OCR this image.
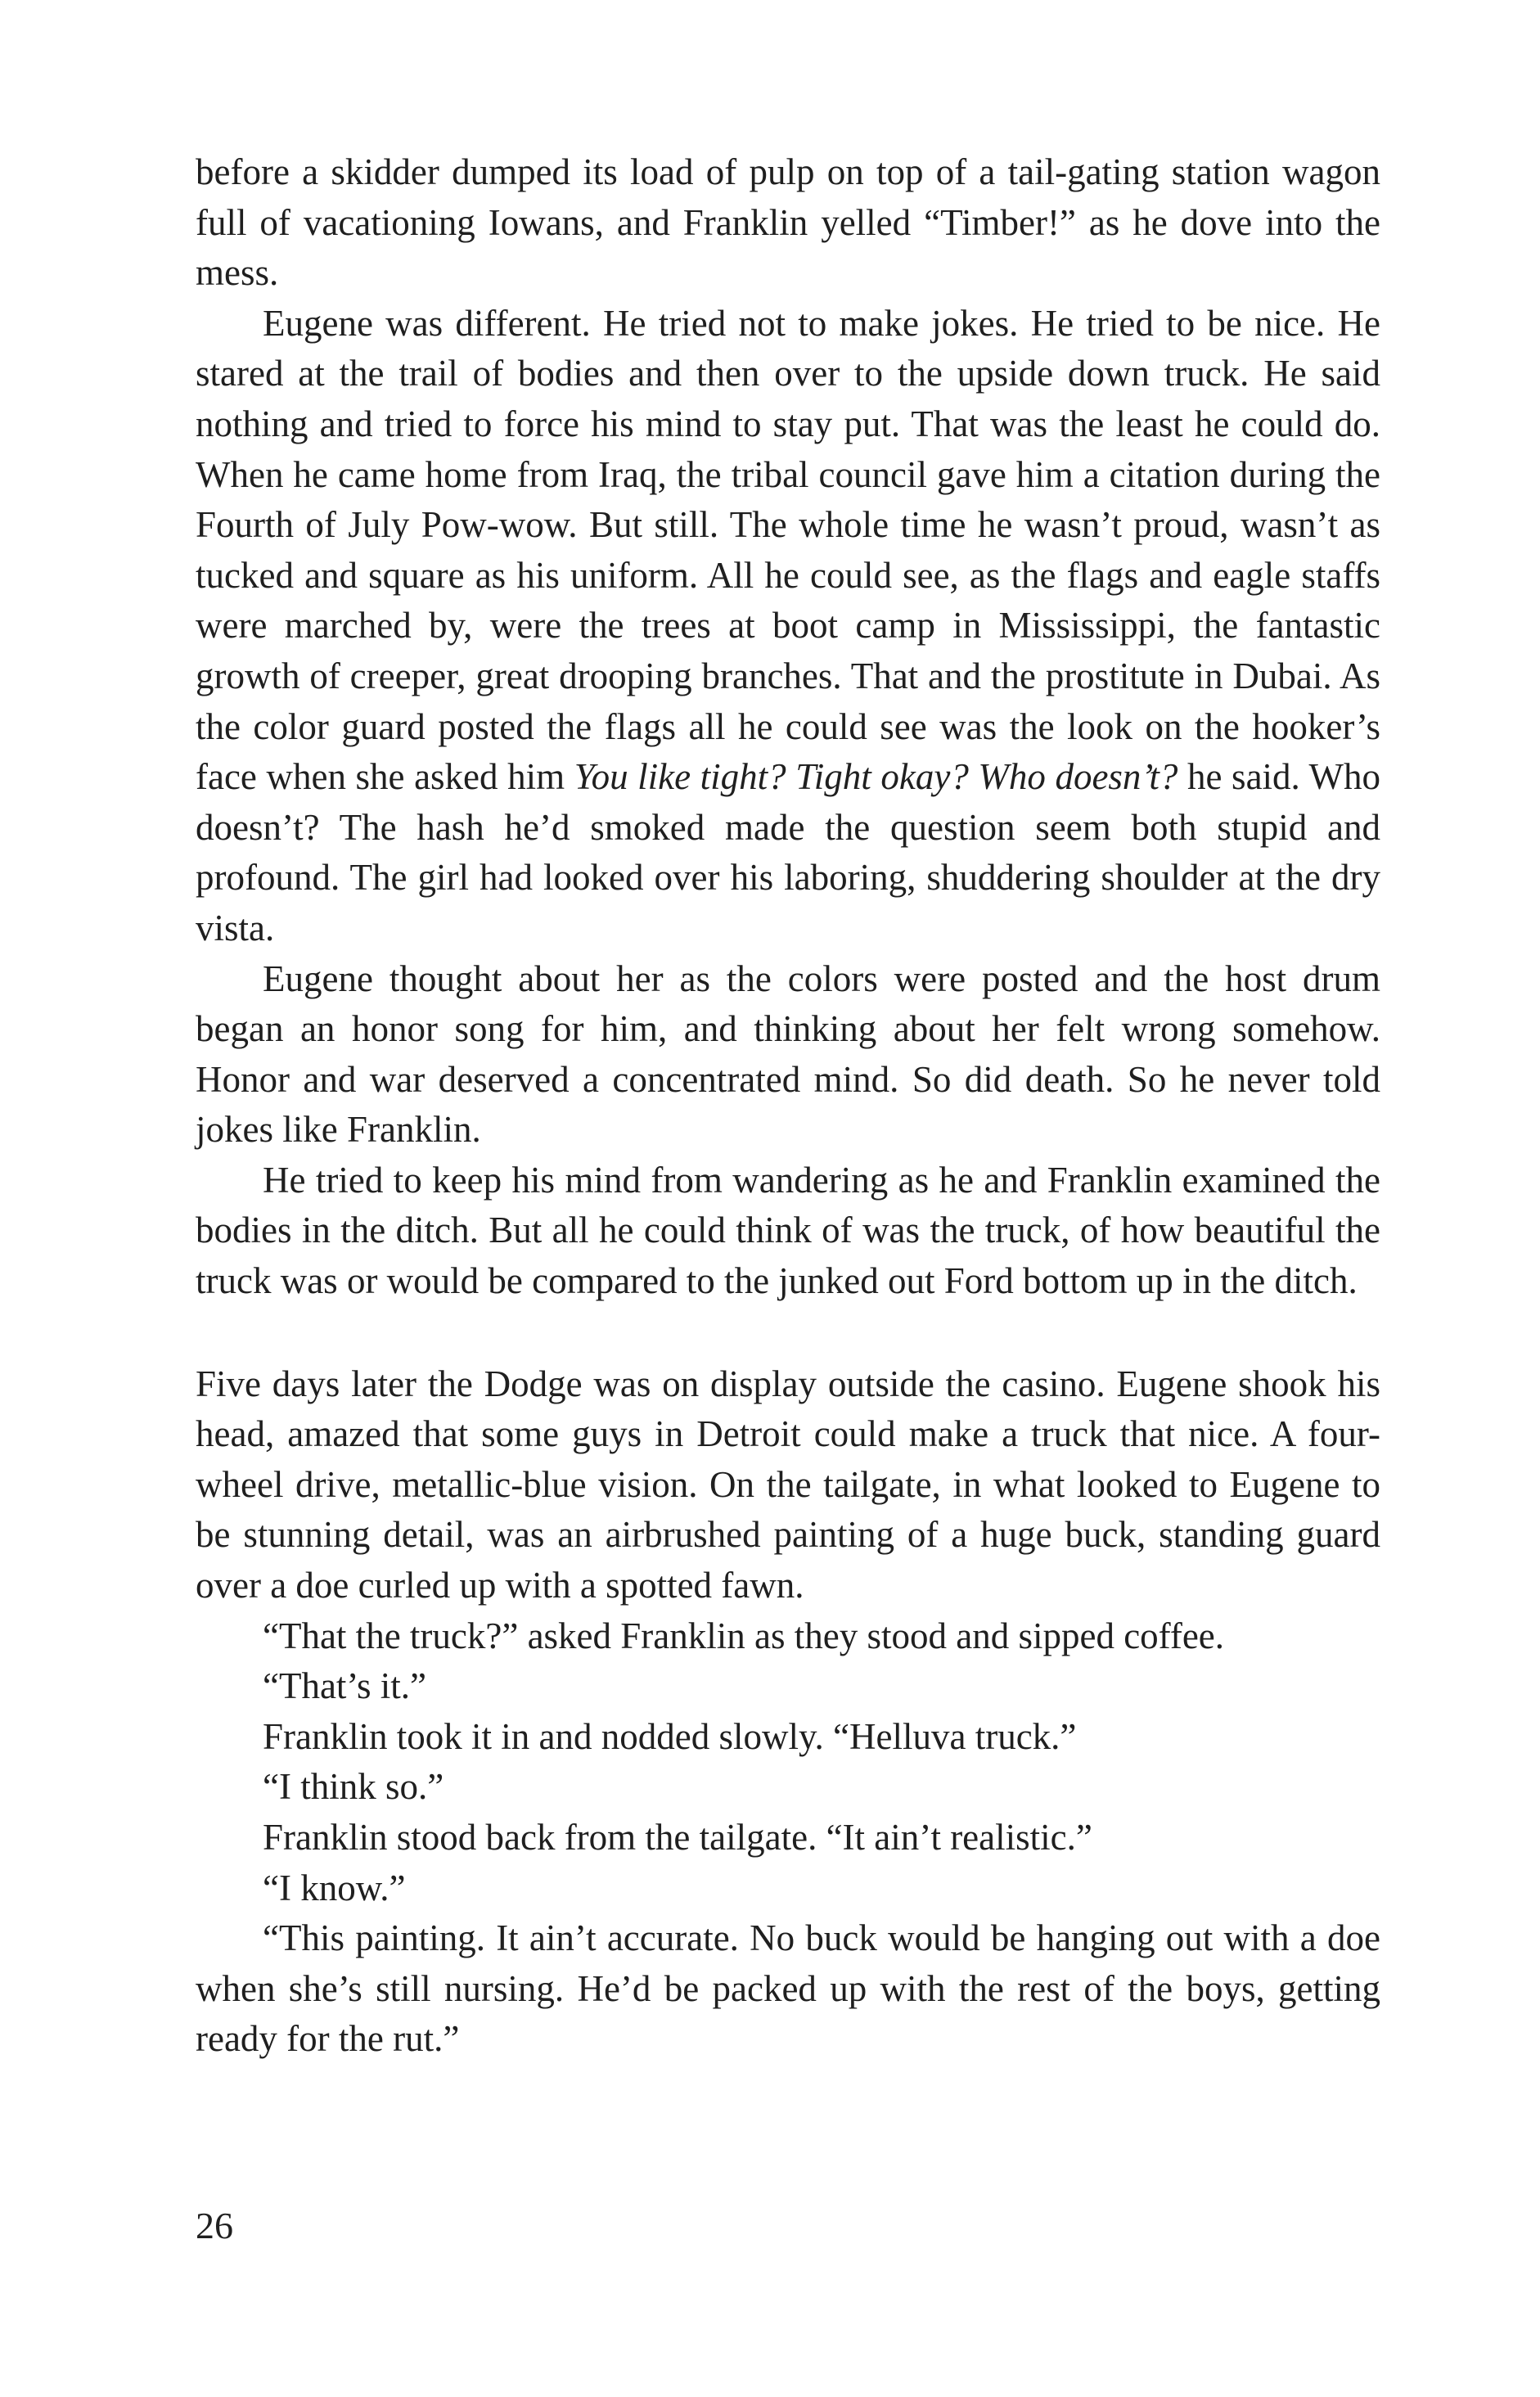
before a skidder dumped its load of pulp on top of a tail-gating station wagon full of vacationing Iowans, and Franklin yelled “Timber!” as he dove into the mess.

Eugene was different. He tried not to make jokes. He tried to be nice. He stared at the trail of bodies and then over to the upside down truck. He said nothing and tried to force his mind to stay put. That was the least he could do. When he came home from Iraq, the tribal council gave him a citation during the Fourth of July Pow-wow. But still. The whole time he wasn’t proud, wasn’t as tucked and square as his uniform. All he could see, as the flags and eagle staffs were marched by, were the trees at boot camp in Mississippi, the fantastic growth of creeper, great drooping branches. That and the prostitute in Dubai. As the color guard posted the flags all he could see was the look on the hooker’s face when she asked him You like tight? Tight okay? Who doesn’t? he said. Who doesn’t? The hash he’d smoked made the question seem both stupid and profound. The girl had looked over his laboring, shuddering shoulder at the dry vista.

Eugene thought about her as the colors were posted and the host drum began an honor song for him, and thinking about her felt wrong somehow. Honor and war deserved a concentrated mind. So did death. So he never told jokes like Franklin.

He tried to keep his mind from wandering as he and Franklin examined the bodies in the ditch. But all he could think of was the truck, of how beautiful the truck was or would be compared to the junked out Ford bottom up in the ditch.

Five days later the Dodge was on display outside the casino. Eugene shook his head, amazed that some guys in Detroit could make a truck that nice. A four-wheel drive, metallic-blue vision. On the tailgate, in what looked to Eugene to be stunning detail, was an airbrushed painting of a huge buck, standing guard over a doe curled up with a spotted fawn.

“That the truck?” asked Franklin as they stood and sipped coffee.

“That’s it.”

Franklin took it in and nodded slowly. “Helluva truck.”

“I think so.”

Franklin stood back from the tailgate. “It ain’t realistic.”

“I know.”

“This painting. It ain’t accurate. No buck would be hanging out with a doe when she’s still nursing. He’d be packed up with the rest of the boys, getting ready for the rut.”

26
